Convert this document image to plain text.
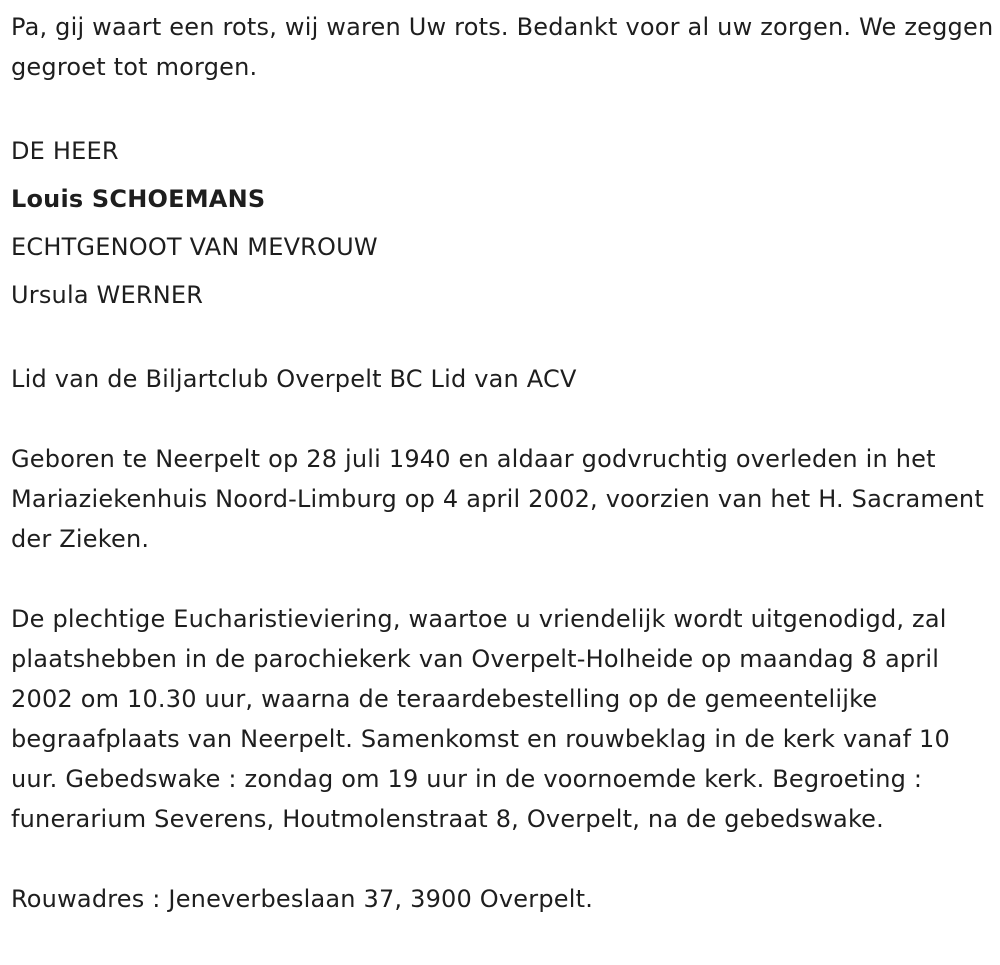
Pa, gij waart een rots, wij waren Uw rots. Bedankt voor al uw zorgen. We zeggen gegroet tot morgen.

DE HEER

Louis SCHOEMANS

ECHTGENOOT VAN MEVROUW

Ursula WERNER

Lid van de Biljartclub Overpelt BC Lid van ACV

Geboren te Neerpelt op 28 juli 1940 en aldaar godvruchtig overleden in het Mariaziekenhuis Noord-Limburg op 4 april 2002, voorzien van het H. Sacrament der Zieken.

De plechtige Eucharistieviering, waartoe u vriendelijk wordt uitgenodigd, zal plaatshebben in de parochiekerk van Overpelt-Holheide op maandag 8 april 2002 om 10.30 uur, waarna de teraardebestelling op de gemeentelijke begraafplaats van Neerpelt. Samenkomst en rouwbeklag in de kerk vanaf 10 uur. Gebedswake : zondag om 19 uur in de voornoemde kerk. Begroeting : funerarium Severens, Houtmolenstraat 8, Overpelt, na de gebedswake.

Rouwadres : Jeneverbeslaan 37, 3900 Overpelt.
